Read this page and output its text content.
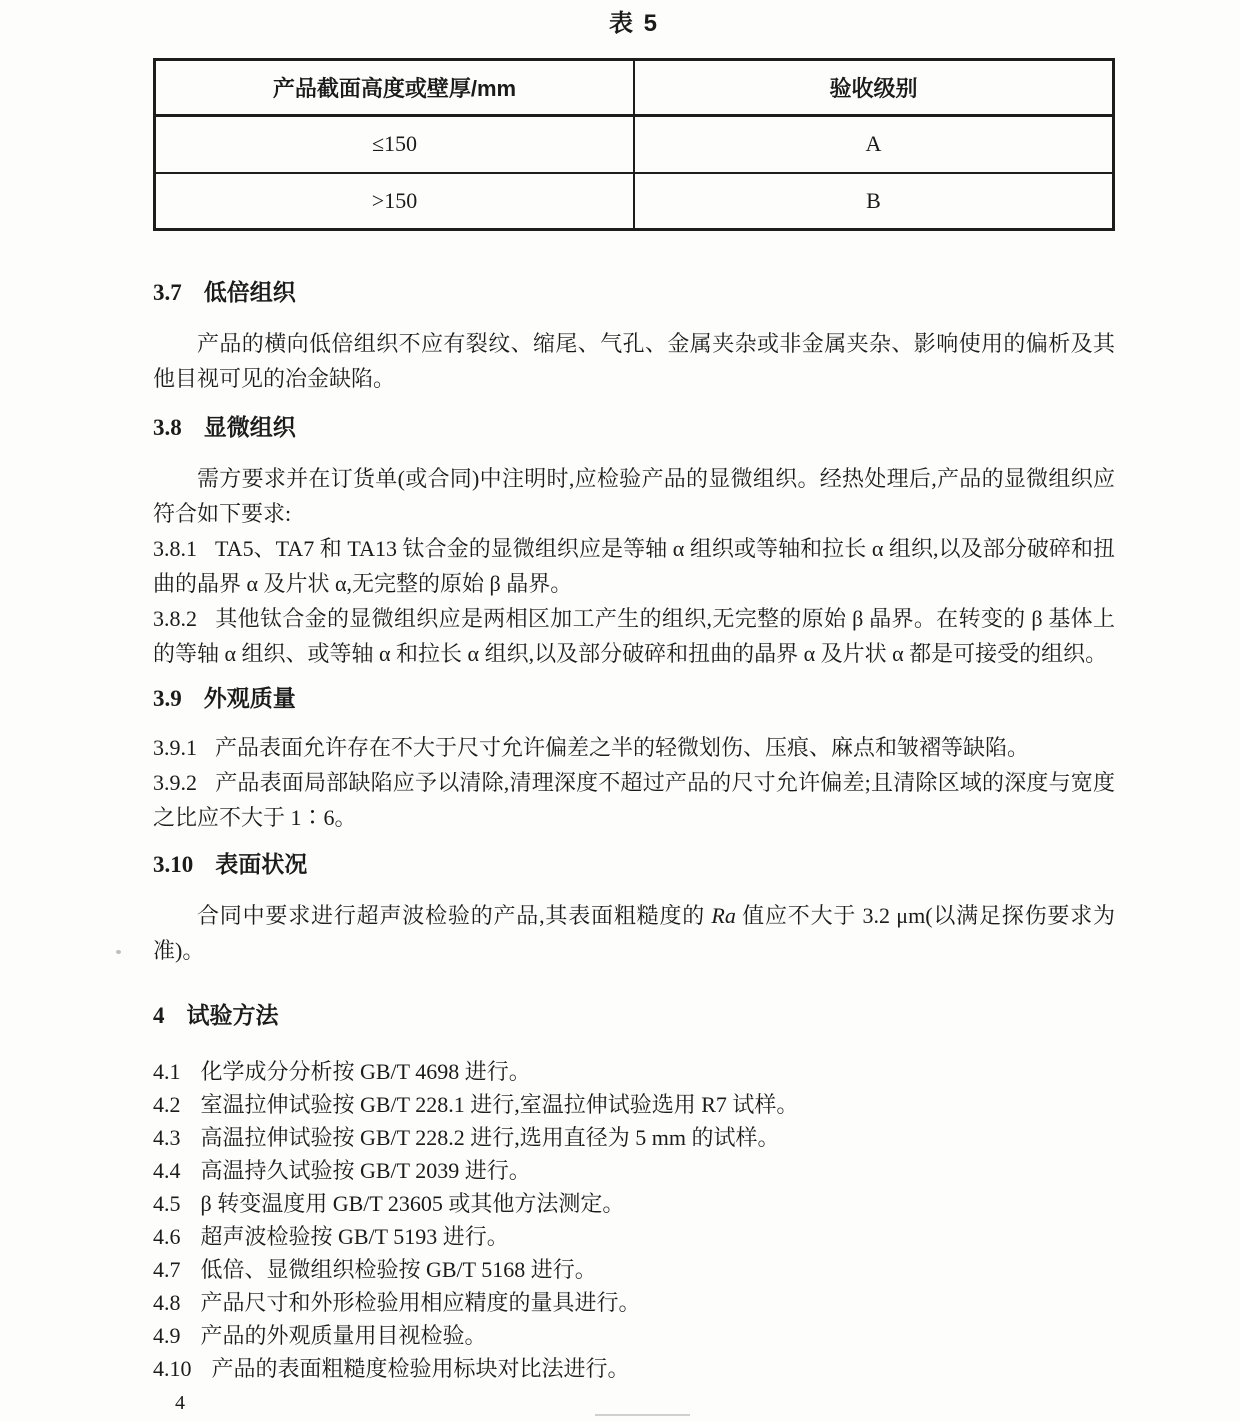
表 5
产品截面高度或壁厚/mm	验收级别
≤150	A
>150	B
3.7 低倍组织

产品的横向低倍组织不应有裂纹、缩尾、气孔、金属夹杂或非金属夹杂、影响使用的偏析及其他目视可见的冶金缺陷。

3.8 显微组织

需方要求并在订货单(或合同)中注明时,应检验产品的显微组织。经热处理后,产品的显微组织应符合如下要求:

3.8.1 TA5、TA7 和 TA13 钛合金的显微组织应是等轴 α 组织或等轴和拉长 α 组织,以及部分破碎和扭曲的晶界 α 及片状 α,无完整的原始 β 晶界。

3.8.2 其他钛合金的显微组织应是两相区加工产生的组织,无完整的原始 β 晶界。在转变的 β 基体上的等轴 α 组织、或等轴 α 和拉长 α 组织,以及部分破碎和扭曲的晶界 α 及片状 α 都是可接受的组织。

3.9 外观质量

3.9.1 产品表面允许存在不大于尺寸允许偏差之半的轻微划伤、压痕、麻点和皱褶等缺陷。

3.9.2 产品表面局部缺陷应予以清除,清理深度不超过产品的尺寸允许偏差;且清除区域的深度与宽度之比应不大于 1∶6。

3.10 表面状况

合同中要求进行超声波检验的产品,其表面粗糙度的 Ra 值应不大于 3.2 μm(以满足探伤要求为准)。

4 试验方法

4.1 化学成分分析按 GB/T 4698 进行。

4.2 室温拉伸试验按 GB/T 228.1 进行,室温拉伸试验选用 R7 试样。

4.3 高温拉伸试验按 GB/T 228.2 进行,选用直径为 5 mm 的试样。

4.4 高温持久试验按 GB/T 2039 进行。

4.5 β 转变温度用 GB/T 23605 或其他方法测定。

4.6 超声波检验按 GB/T 5193 进行。

4.7 低倍、显微组织检验按 GB/T 5168 进行。

4.8 产品尺寸和外形检验用相应精度的量具进行。

4.9 产品的外观质量用目视检验。

4.10 产品的表面粗糙度检验用标块对比法进行。

4
